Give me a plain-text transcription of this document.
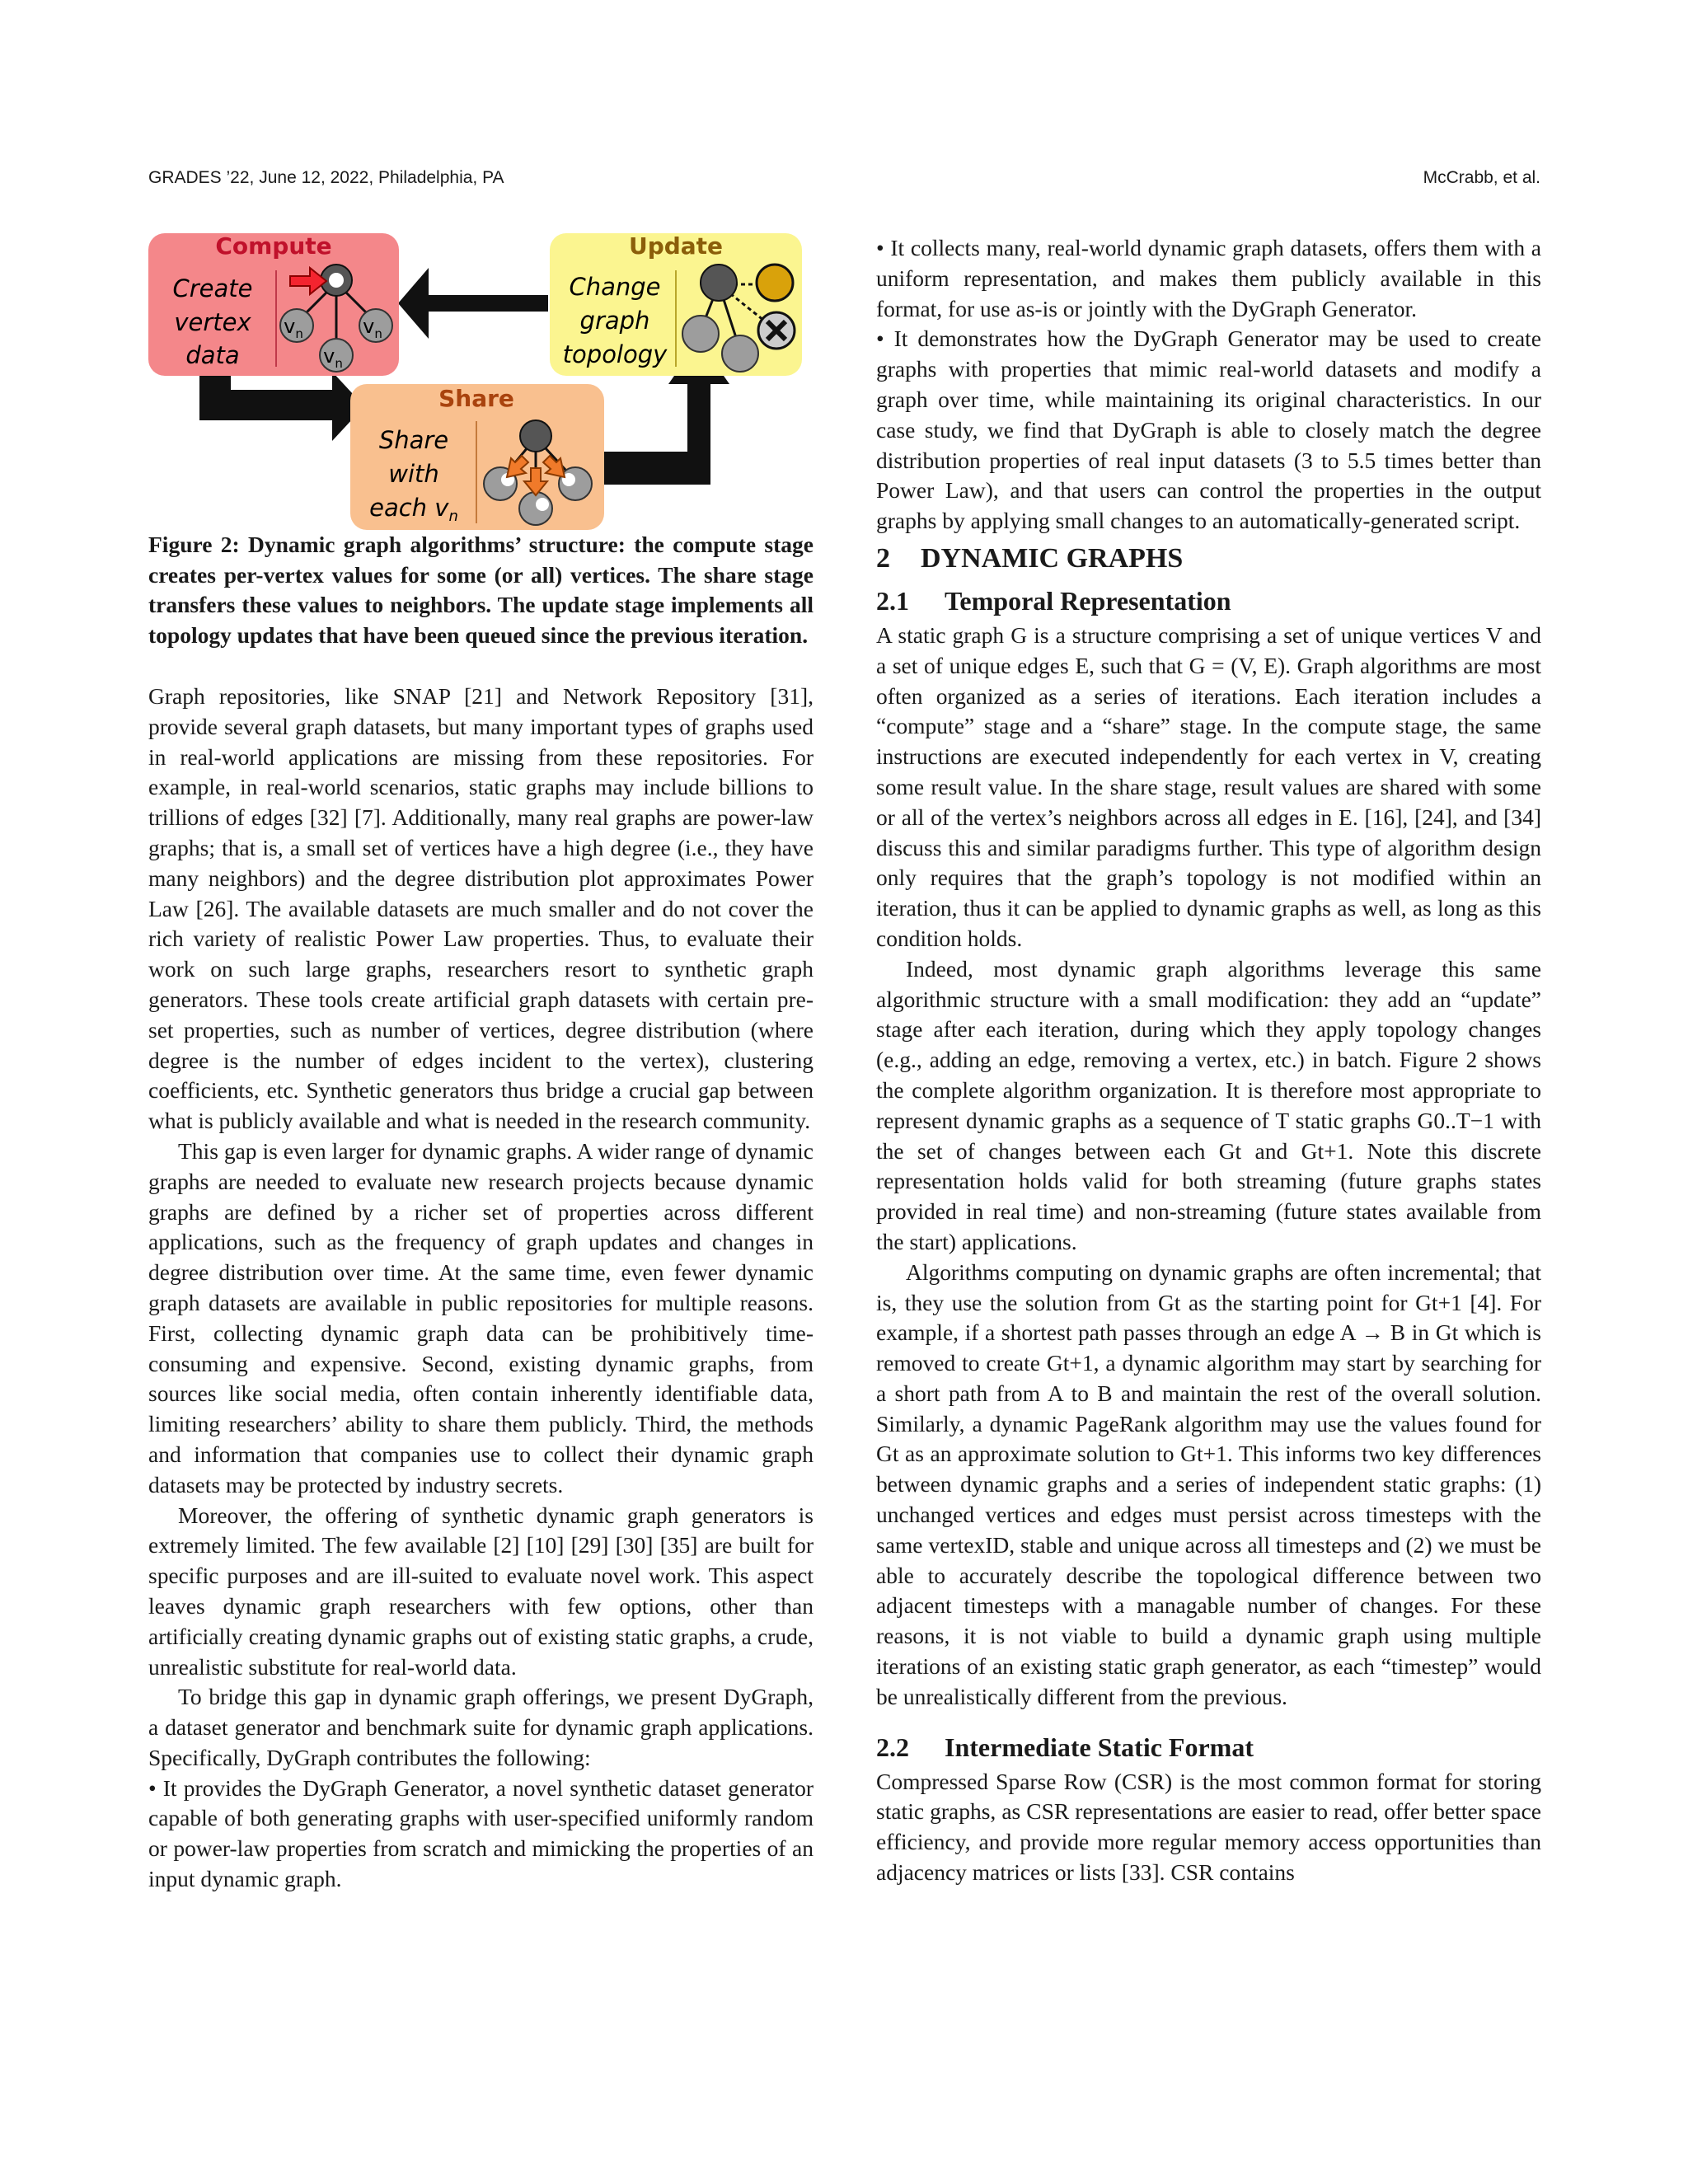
GRADES ’22, June 12, 2022, Philadelphia, PA	McCrabb, et al.
Compute
Create
vertex
data
$v_n$	$v_n$
$v_n$
Update
Change
graph
topology
Share
Share
with
each $v_n$

Figure 2: Dynamic graph algorithms’ structure: the compute stage creates per-vertex values for some (or all) vertices. The share stage transfers these values to neighbors. The update stage implements all topology updates that have been queued since the previous iteration.

Graph repositories, like SNAP [21] and Network Repository [31], provide several graph datasets, but many important types of graphs used in real-world applications are missing from these repositories. For example, in real-world scenarios, static graphs may include billions to trillions of edges [32] [7]. Additionally, many real graphs are power-law graphs; that is, a small set of vertices have a high degree (i.e., they have many neighbors) and the degree distribution plot approximates Power Law [26]. The available datasets are much smaller and do not cover the rich variety of realistic Power Law properties. Thus, to evaluate their work on such large graphs, researchers resort to synthetic graph generators. These tools create artificial graph datasets with certain pre-set properties, such as number of vertices, degree distribution (where degree is the number of edges incident to the vertex), clustering coefficients, etc. Synthetic generators thus bridge a crucial gap between what is publicly available and what is needed in the research community.

This gap is even larger for dynamic graphs. A wider range of dynamic graphs are needed to evaluate new research projects because dynamic graphs are defined by a richer set of properties across different applications, such as the frequency of graph updates and changes in degree distribution over time. At the same time, even fewer dynamic graph datasets are available in public repositories for multiple reasons. First, collecting dynamic graph data can be prohibitively time-consuming and expensive. Second, existing dynamic graphs, from sources like social media, often contain inherently identifiable data, limiting researchers’ ability to share them publicly. Third, the methods and information that companies use to collect their dynamic graph datasets may be protected by industry secrets.

Moreover, the offering of synthetic dynamic graph generators is extremely limited. The few available [2] [10] [29] [30] [35] are built for specific purposes and are ill-suited to evaluate novel work. This aspect leaves dynamic graph researchers with few options, other than artificially creating dynamic graphs out of existing static graphs, a crude, unrealistic substitute for real-world data.

To bridge this gap in dynamic graph offerings, we present DyGraph, a dataset generator and benchmark suite for dynamic graph applications. Specifically, DyGraph contributes the following:

• It provides the DyGraph Generator, a novel synthetic dataset generator capable of both generating graphs with user-specified uniformly random or power-law properties from scratch and mimicking the properties of an input dynamic graph.

• It collects many, real-world dynamic graph datasets, offers them with a uniform representation, and makes them publicly available in this format, for use as-is or jointly with the DyGraph Generator.

• It demonstrates how the DyGraph Generator may be used to create graphs with properties that mimic real-world datasets and modify a graph over time, while maintaining its original characteristics. In our case study, we find that DyGraph is able to closely match the degree distribution properties of real input datasets (3 to 5.5 times better than Power Law), and that users can control the properties in the output graphs by applying small changes to an automatically-generated script.

2 DYNAMIC GRAPHS
2.1 Temporal Representation

A static graph G is a structure comprising a set of unique vertices V and a set of unique edges E, such that G = (V, E). Graph algorithms are most often organized as a series of iterations. Each iteration includes a “compute” stage and a “share” stage. In the compute stage, the same instructions are executed independently for each vertex in V, creating some result value. In the share stage, result values are shared with some or all of the vertex’s neighbors across all edges in E. [16], [24], and [34] discuss this and similar paradigms further. This type of algorithm design only requires that the graph’s topology is not modified within an iteration, thus it can be applied to dynamic graphs as well, as long as this condition holds.

Indeed, most dynamic graph algorithms leverage this same algorithmic structure with a small modification: they add an “update” stage after each iteration, during which they apply topology changes (e.g., adding an edge, removing a vertex, etc.) in batch. Figure 2 shows the complete algorithm organization. It is therefore most appropriate to represent dynamic graphs as a sequence of T static graphs G0..T−1 with the set of changes between each Gt and Gt+1. Note this discrete representation holds valid for both streaming (future graphs states provided in real time) and non-streaming (future states available from the start) applications.

Algorithms computing on dynamic graphs are often incremental; that is, they use the solution from Gt as the starting point for Gt+1 [4]. For example, if a shortest path passes through an edge A → B in Gt which is removed to create Gt+1, a dynamic algorithm may start by searching for a short path from A to B and maintain the rest of the overall solution. Similarly, a dynamic PageRank algorithm may use the values found for Gt as an approximate solution to Gt+1. This informs two key differences between dynamic graphs and a series of independent static graphs: (1) unchanged vertices and edges must persist across timesteps with the same vertexID, stable and unique across all timesteps and (2) we must be able to accurately describe the topological difference between two adjacent timesteps with a managable number of changes. For these reasons, it is not viable to build a dynamic graph using multiple iterations of an existing static graph generator, as each “timestep” would be unrealistically different from the previous.

2.2 Intermediate Static Format

Compressed Sparse Row (CSR) is the most common format for storing static graphs, as CSR representations are easier to read, offer better space efficiency, and provide more regular memory access opportunities than adjacency matrices or lists [33]. CSR contains
